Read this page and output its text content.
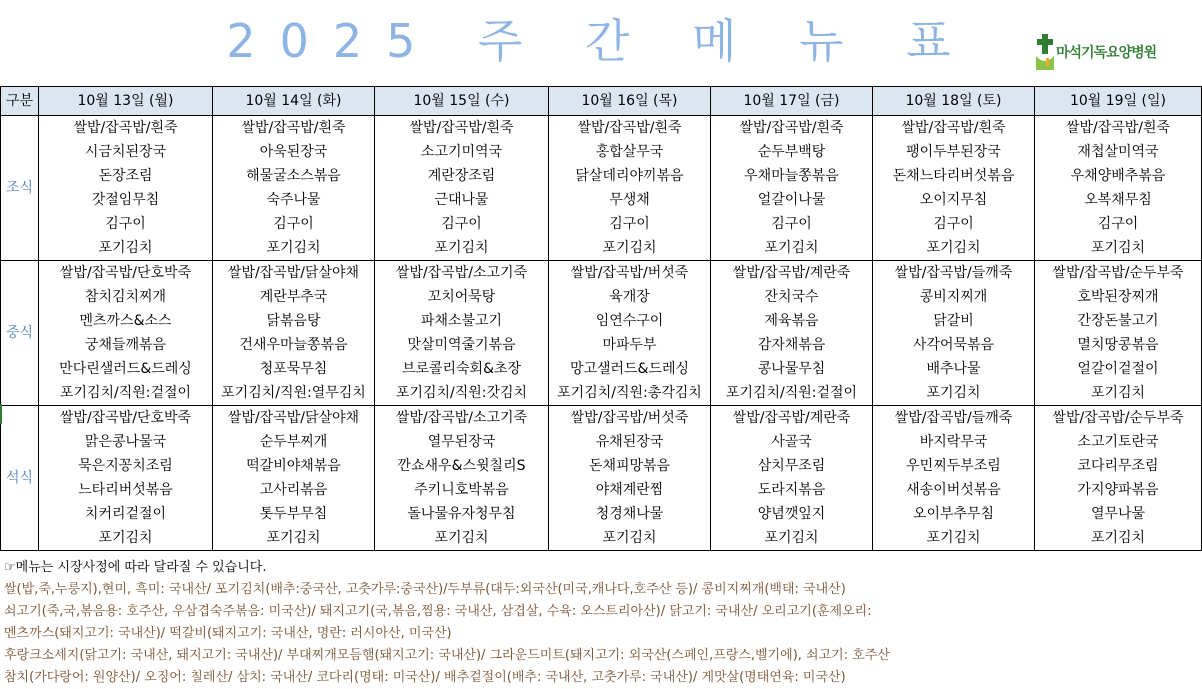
2025 주 간 메 뉴 표	마석기독요양병원
구분	10월 13일 (월)	10월 14일 (화)	10월 15일 (수)	10월 16일 (목)	10월 17일 (금)	10월 18일 (토)	10월 19일 (일)
조식	쌀밥/잡곡밥/흰죽	쌀밥/잡곡밥/흰죽	쌀밥/잡곡밥/흰죽	쌀밥/잡곡밥/흰죽	쌀밥/잡곡밥/흰죽	쌀밥/잡곡밥/흰죽	쌀밥/잡곡밥/흰죽
	시금치된장국	아욱된장국	소고기미역국	홍합살무국	순두부백탕	팽이두부된장국	재첩살미역국
	돈장조림	해물굴소스볶음	계란장조림	닭살데리야끼볶음	우채마늘쫑볶음	돈채느타리버섯볶음	우채양배추볶음
	갓절임무침	숙주나물	근대나물	무생채	얼갈이나물	오이지무침	오복채무침
	김구이	김구이	김구이	김구이	김구이	김구이	김구이
	포기김치	포기김치	포기김치	포기김치	포기김치	포기김치	포기김치
중식	쌀밥/잡곡밥/단호박죽	쌀밥/잡곡밥/닭살야채	쌀밥/잡곡밥/소고기죽	쌀밥/잡곡밥/버섯죽	쌀밥/잡곡밥/계란죽	쌀밥/잡곡밥/들깨죽	쌀밥/잡곡밥/순두부죽
	참치김치찌개	계란부추국	꼬치어묵탕	육개장	잔치국수	콩비지찌개	호박된장찌개
	멘츠까스&소스	닭볶음탕	파채소불고기	임연수구이	제육볶음	닭갈비	간장돈불고기
	궁채들깨볶음	건새우마늘쫑볶음	맛살미역줄기볶음	마파두부	감자채볶음	사각어묵볶음	멸치땅콩볶음
	만다린샐러드&드레싱	청포묵무침	브로콜리숙회&초장	망고샐러드&드레싱	콩나물무침	배추나물	얼갈이겉절이
	포기김치/직원:겉절이	포기김치/직원:열무김치	포기김치/직원:갓김치	포기김치/직원:총각김치	포기김치/직원:겉절이	포기김치	포기김치
석식	쌀밥/잡곡밥/단호박죽	쌀밥/잡곡밥/닭살야채	쌀밥/잡곡밥/소고기죽	쌀밥/잡곡밥/버섯죽	쌀밥/잡곡밥/계란죽	쌀밥/잡곡밥/들깨죽	쌀밥/잡곡밥/순두부죽
	맑은콩나물국	순두부찌개	열무된장국	유채된장국	사골국	바지락무국	소고기토란국
	묵은지꽁치조림	떡갈비야채볶음	깐쇼새우&스윗칠리S	돈채피망볶음	삼치무조림	우민찌두부조림	코다리무조림
	느타리버섯볶음	고사리볶음	주키니호박볶음	야채계란찜	도라지볶음	새송이버섯볶음	가지양파볶음
	치커리겉절이	톳두부무침	돌나물유자청무침	청경채나물	양념깻잎지	오이부추무침	열무나물
	포기김치	포기김치	포기김치	포기김치	포기김치	포기김치	포기김치
☞메뉴는 시장사정에 따라 달라질 수 있습니다.
쌀(밥,죽,누룽지),현미, 흑미: 국내산/ 포기김치(배추:중국산, 고춧가루:중국산)/두부류(대두:외국산(미국,캐나다,호주산 등)/ 콩비지찌개(백태: 국내산)
쇠고기(죽,국,볶음용: 호주산, 우삼겹숙주볶음: 미국산)/ 돼지고기(국,볶음,찜용: 국내산, 삼겹살, 수육: 오스트리아산)/ 닭고기: 국내산/ 오리고기(훈제오리:
멘츠까스(돼지고기: 국내산)/ 떡갈비(돼지고기: 국내산, 명란: 러시아산, 미국산)
후랑크소세지(닭고기: 국내산, 돼지고기: 국내산)/ 부대찌개모듬햄(돼지고기: 국내산)/ 그라운드미트(돼지고기: 외국산(스페인,프랑스,벨기에), 쇠고기: 호주산
참치(가다랑어: 원양산)/ 오징어: 칠레산/ 삼치: 국내산/ 코다리(명태: 미국산)/ 배추겉절이(배추: 국내산, 고춧가루: 국내산)/ 게맛살(명태연육: 미국산)
